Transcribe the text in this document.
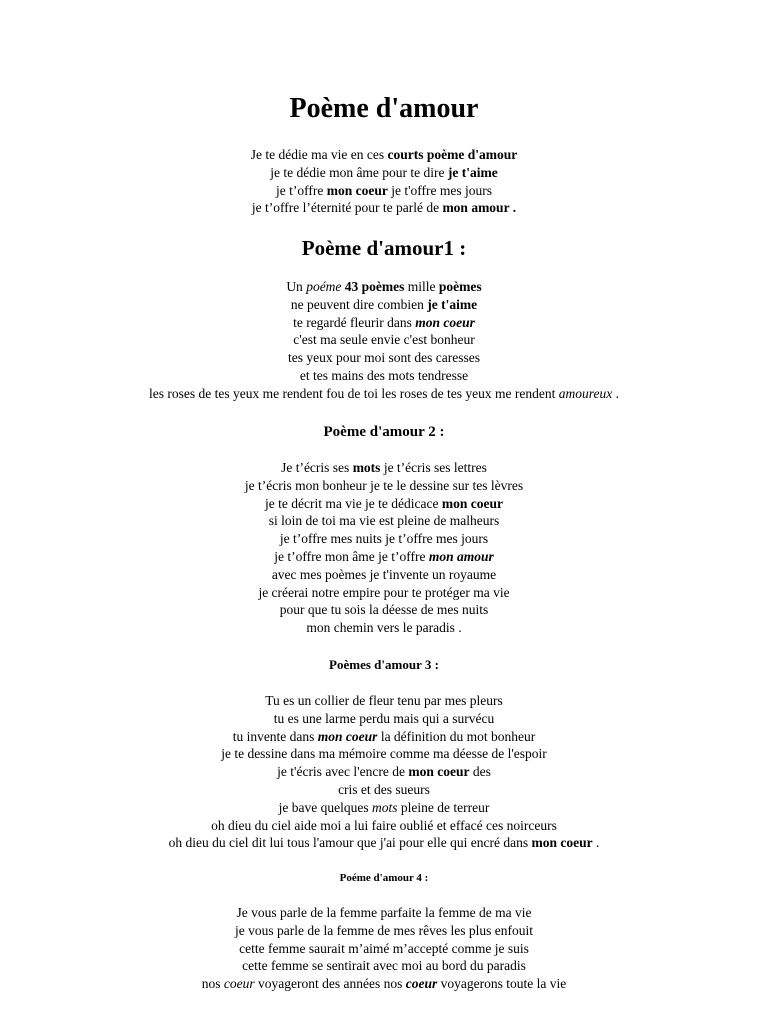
Poème d'amour
Je te dédie ma vie en ces courts poème d'amour
je te dédie mon âme pour te dire je t'aime
je t’offre mon coeur je t'offre mes jours
je t’offre l’éternité pour te parlé de mon amour .
Poème d'amour1 :
Un poéme 43 poèmes mille poèmes
ne peuvent dire combien je t'aime
te regardé fleurir dans mon coeur
c'est ma seule envie c'est bonheur
tes yeux pour moi sont des caresses
et tes mains des mots tendresse
les roses de tes yeux me rendent fou de toi les roses de tes yeux me rendent amoureux .
Poème d'amour 2 :
Je t’écris ses mots je t’écris ses lettres
je t’écris mon bonheur je te le dessine sur tes lèvres
je te décrit ma vie je te dédicace mon coeur
si loin de toi ma vie est pleine de malheurs
je t’offre mes nuits je t’offre mes jours
je t’offre mon âme je t’offre mon amour
avec mes poèmes je t'invente un royaume
je créerai notre empire pour te protéger ma vie
pour que tu sois la déesse de mes nuits
mon chemin vers le paradis .
Poèmes d'amour 3 :
Tu es un collier de fleur tenu par mes pleurs
tu es une larme perdu mais qui a survécu
tu invente dans mon coeur la définition du mot bonheur
je te dessine dans ma mémoire comme ma déesse de l'espoir
je t'écris avec l'encre de mon coeur des
cris et des sueurs
je bave quelques mots pleine de terreur
oh dieu du ciel aide moi a lui faire oublié et effacé ces noirceurs
oh dieu du ciel dit lui tous l'amour que j'ai pour elle qui encré dans mon coeur .
Poéme d'amour 4 :
Je vous parle de la femme parfaite la femme de ma vie
je vous parle de la femme de mes rêves les plus enfouit
cette femme saurait m’aimé m’accepté comme je suis
cette femme se sentirait avec moi au bord du paradis
nos coeur voyageront des années nos coeur voyagerons toute la vie
